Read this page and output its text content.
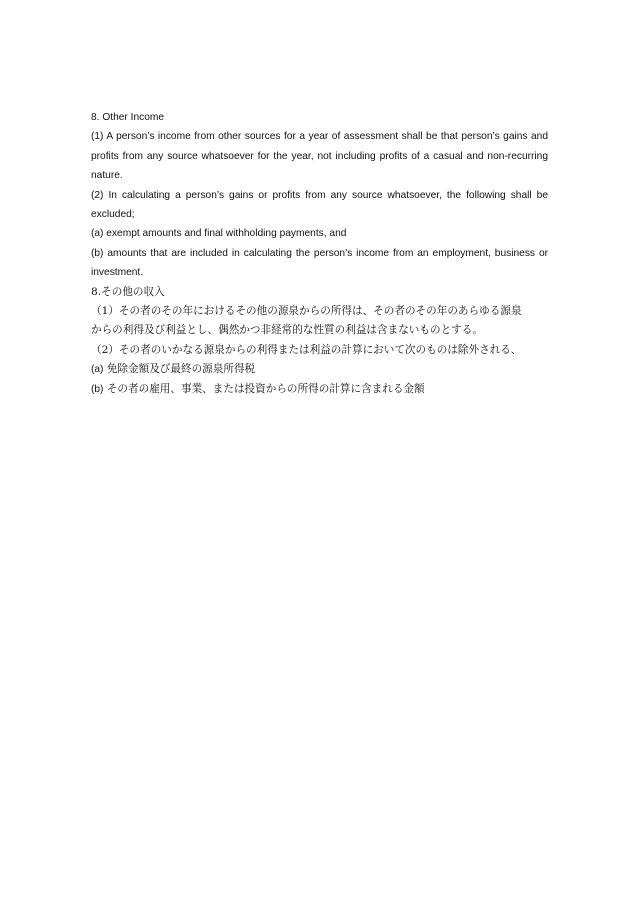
8. Other Income

(1) A person’s income from other sources for a year of assessment shall be that person’s gains and

profits from any source whatsoever for the year, not including profits of a casual and non-recurring

nature.

(2) In calculating a person’s gains or profits from any source whatsoever, the following shall be

excluded;

(a) exempt amounts and final withholding payments, and

(b) amounts that are included in calculating the person’s income from an employment, business or

investment.

8.その他の収入

（1）その者のその年におけるその他の源泉からの所得は、その者のその年のあらゆる源泉

からの利得及び利益とし、偶然かつ非経常的な性質の利益は含まないものとする。

（2）その者のいかなる源泉からの利得または利益の計算において次のものは除外される、

(a) 免除金額及び最終の源泉所得税

(b) その者の雇用、事業、または投資からの所得の計算に含まれる金額
